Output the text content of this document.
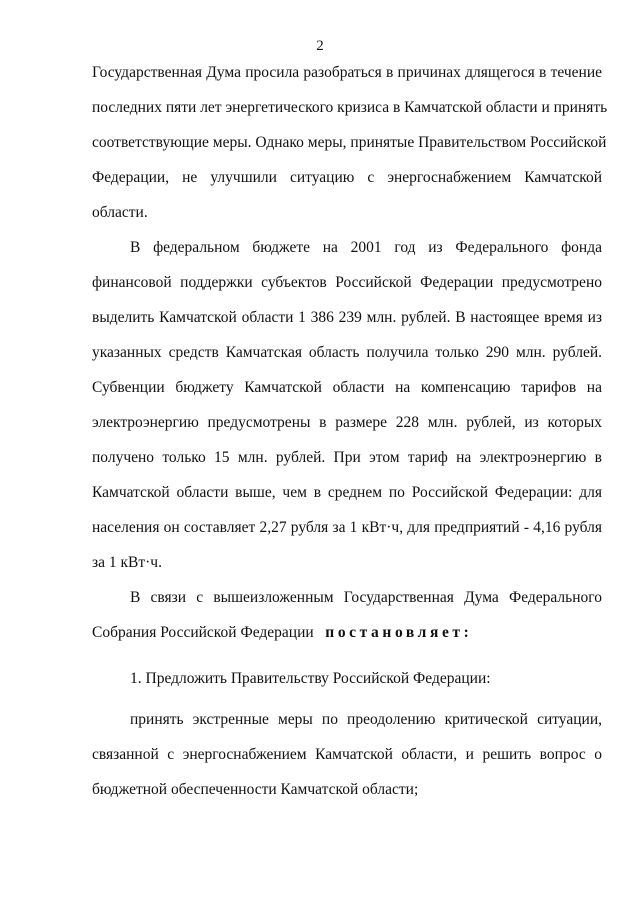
2
Государственная Дума просила разобраться в причинах длящегося в течение
последних пяти лет энергетического кризиса в Камчатской области и принять
соответствующие меры. Однако меры, принятые Правительством Российской
Федерации, не улучшили ситуацию с энергоснабжением Камчатской
области.
В федеральном бюджете на 2001 год из Федерального фонда
финансовой поддержки субъектов Российской Федерации предусмотрено
выделить Камчатской области 1 386 239 млн. рублей. В настоящее время из
указанных средств Камчатская область получила только 290 млн. рублей.
Субвенции бюджету Камчатской области на компенсацию тарифов на
электроэнергию предусмотрены в размере 228 млн. рублей, из которых
получено только 15 млн. рублей. При этом тариф на электроэнергию в
Камчатской области выше, чем в среднем по Российской Федерации: для
населения он составляет 2,27 рубля за 1 кВт·ч, для предприятий - 4,16 рубля
за 1 кВт·ч.
В связи с вышеизложенным Государственная Дума Федерального
Собрания Российской Федерации постановляет:
1. Предложить Правительству Российской Федерации:
принять экстренные меры по преодолению критической ситуации,
связанной с энергоснабжением Камчатской области, и решить вопрос о
бюджетной обеспеченности Камчатской области;
